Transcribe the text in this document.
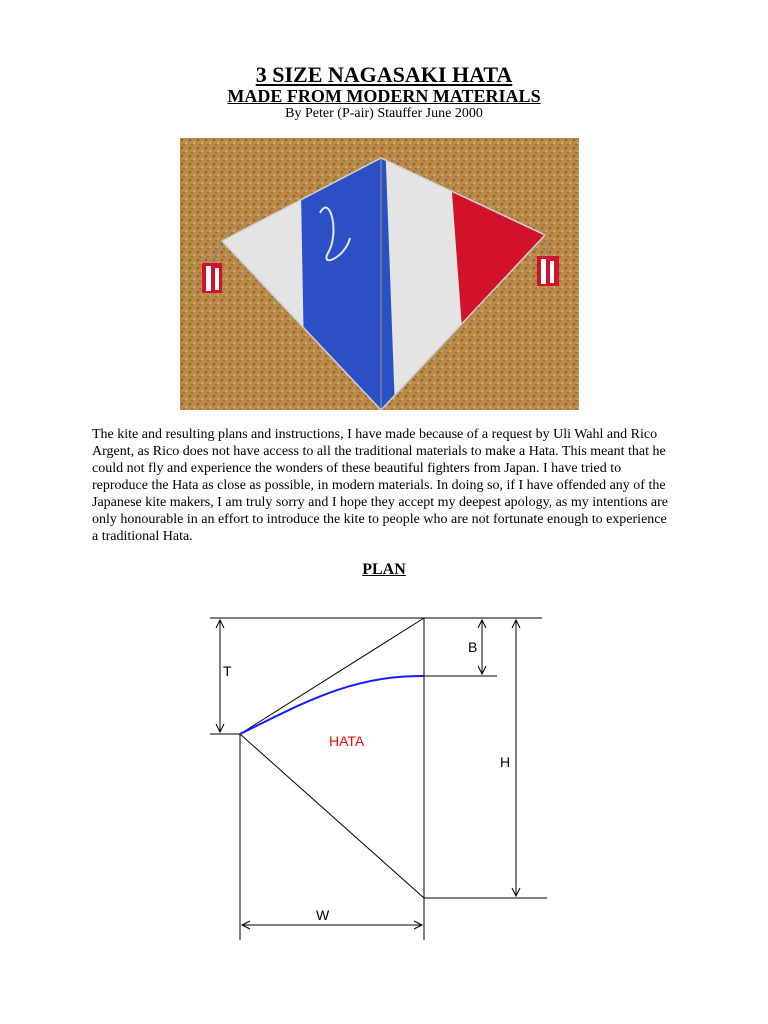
3 SIZE NAGASAKI HATA
MADE FROM MODERN MATERIALS

By Peter (P-air) Stauffer June 2000

The kite and resulting plans and instructions, I have made because of a request by Uli Wahl and Rico Argent, as Rico does not have access to all the traditional materials to make a Hata. This meant that he could not fly and experience the wonders of these beautiful fighters from Japan. I have tried to reproduce the Hata as close as possible, in modern materials. In doing so, if I have offended any of the Japanese kite makers, I am truly sorry and I hope they accept my deepest apology, as my intentions are only honourable in an effort to introduce the kite to people who are not fortunate enough to experience a traditional Hata.

PLAN
T
B
H
W
HATA
